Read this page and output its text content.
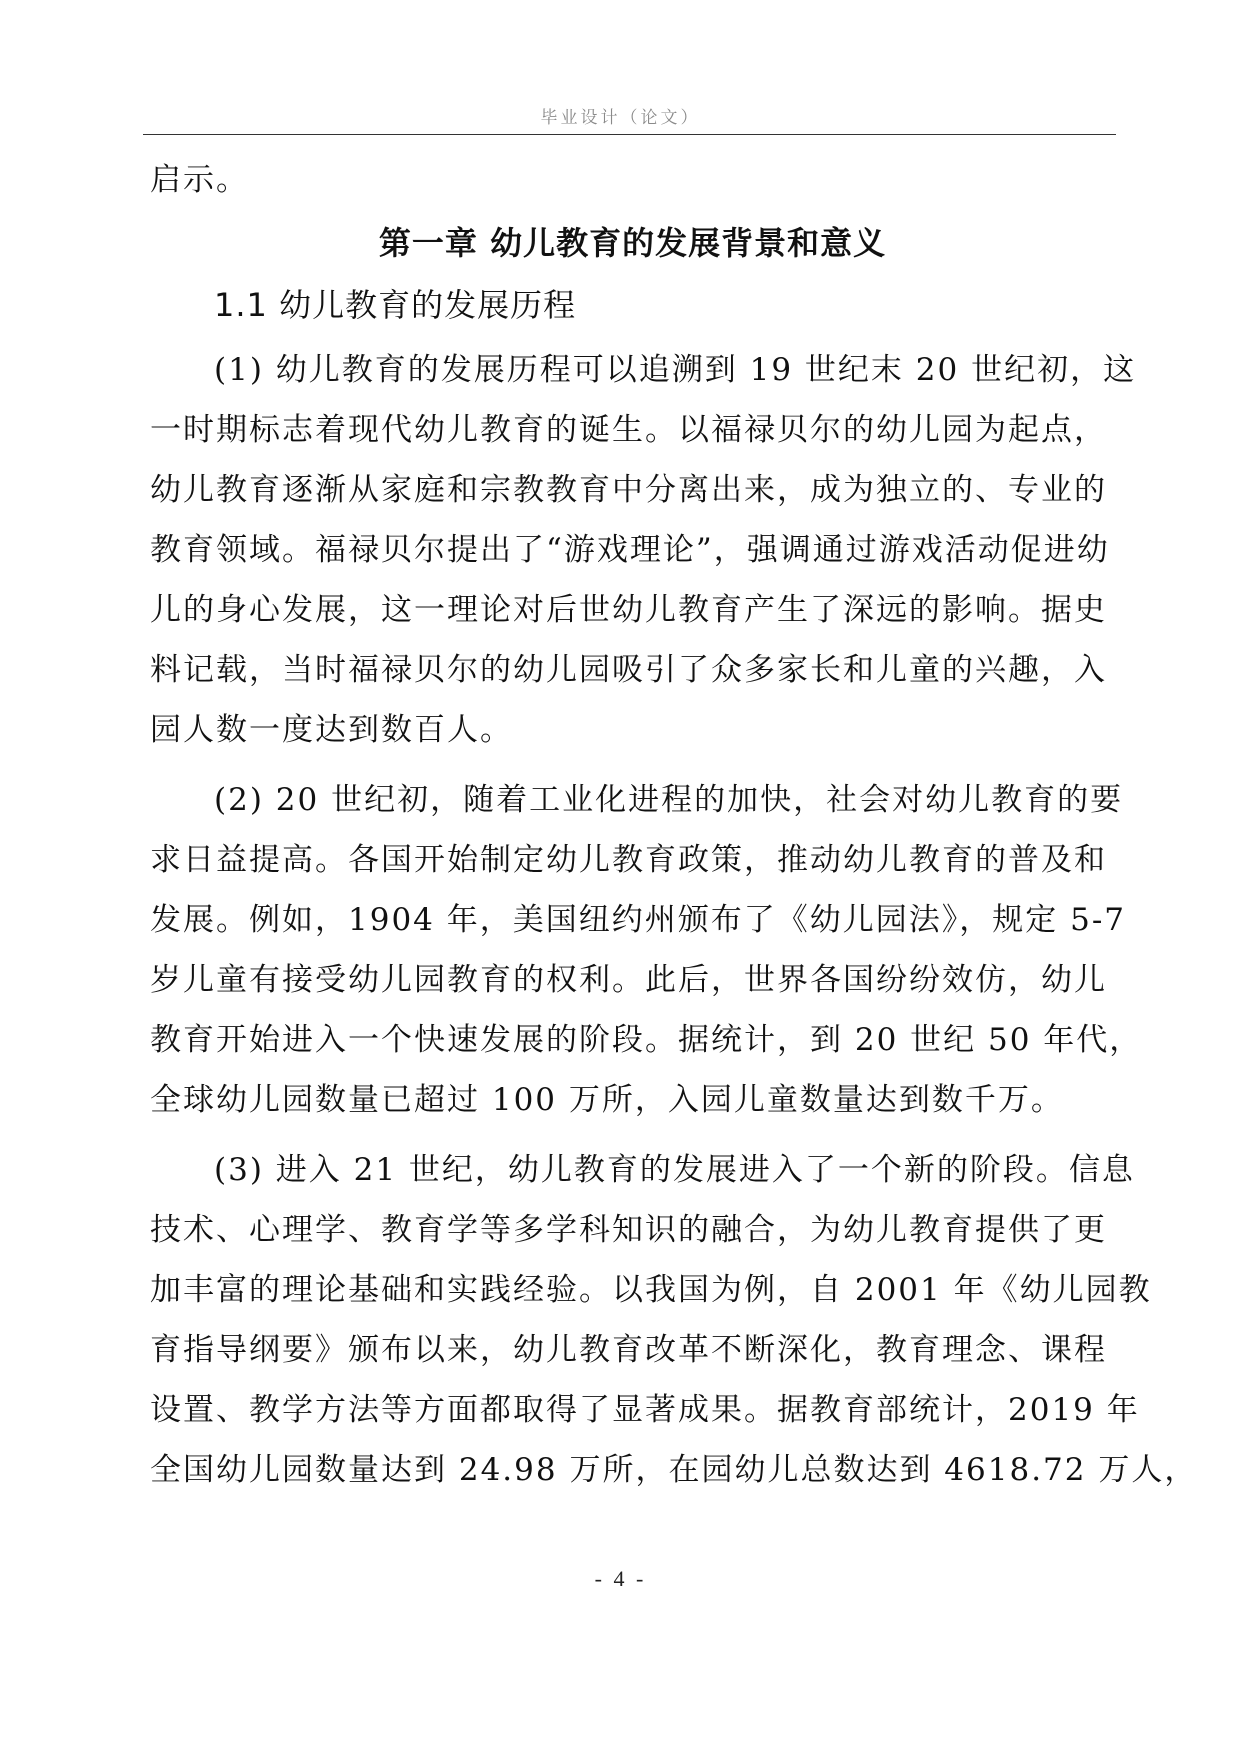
毕业设计（论文）
启示。
第一章 幼儿教育的发展背景和意义
1.1 幼儿教育的发展历程
(1) 幼儿教育的发展历程可以追溯到 19 世纪末 20 世纪初，这
一时期标志着现代幼儿教育的诞生。以福禄贝尔的幼儿园为起点，
幼儿教育逐渐从家庭和宗教教育中分离出来，成为独立的、专业的
教育领域。福禄贝尔提出了“游戏理论”，强调通过游戏活动促进幼
儿的身心发展，这一理论对后世幼儿教育产生了深远的影响。据史
料记载，当时福禄贝尔的幼儿园吸引了众多家长和儿童的兴趣，入
园人数一度达到数百人。
(2) 20 世纪初，随着工业化进程的加快，社会对幼儿教育的要
求日益提高。各国开始制定幼儿教育政策，推动幼儿教育的普及和
发展。例如，1904 年，美国纽约州颁布了《幼儿园法》，规定 5-7
岁儿童有接受幼儿园教育的权利。此后，世界各国纷纷效仿，幼儿
教育开始进入一个快速发展的阶段。据统计，到 20 世纪 50 年代，
全球幼儿园数量已超过 100 万所，入园儿童数量达到数千万。
(3) 进入 21 世纪，幼儿教育的发展进入了一个新的阶段。信息
技术、心理学、教育学等多学科知识的融合，为幼儿教育提供了更
加丰富的理论基础和实践经验。以我国为例，自 2001 年《幼儿园教
育指导纲要》颁布以来，幼儿教育改革不断深化，教育理念、课程
设置、教学方法等方面都取得了显著成果。据教育部统计，2019 年
全国幼儿园数量达到 24.98 万所，在园幼儿总数达到 4618.72 万人，
- 4 -
